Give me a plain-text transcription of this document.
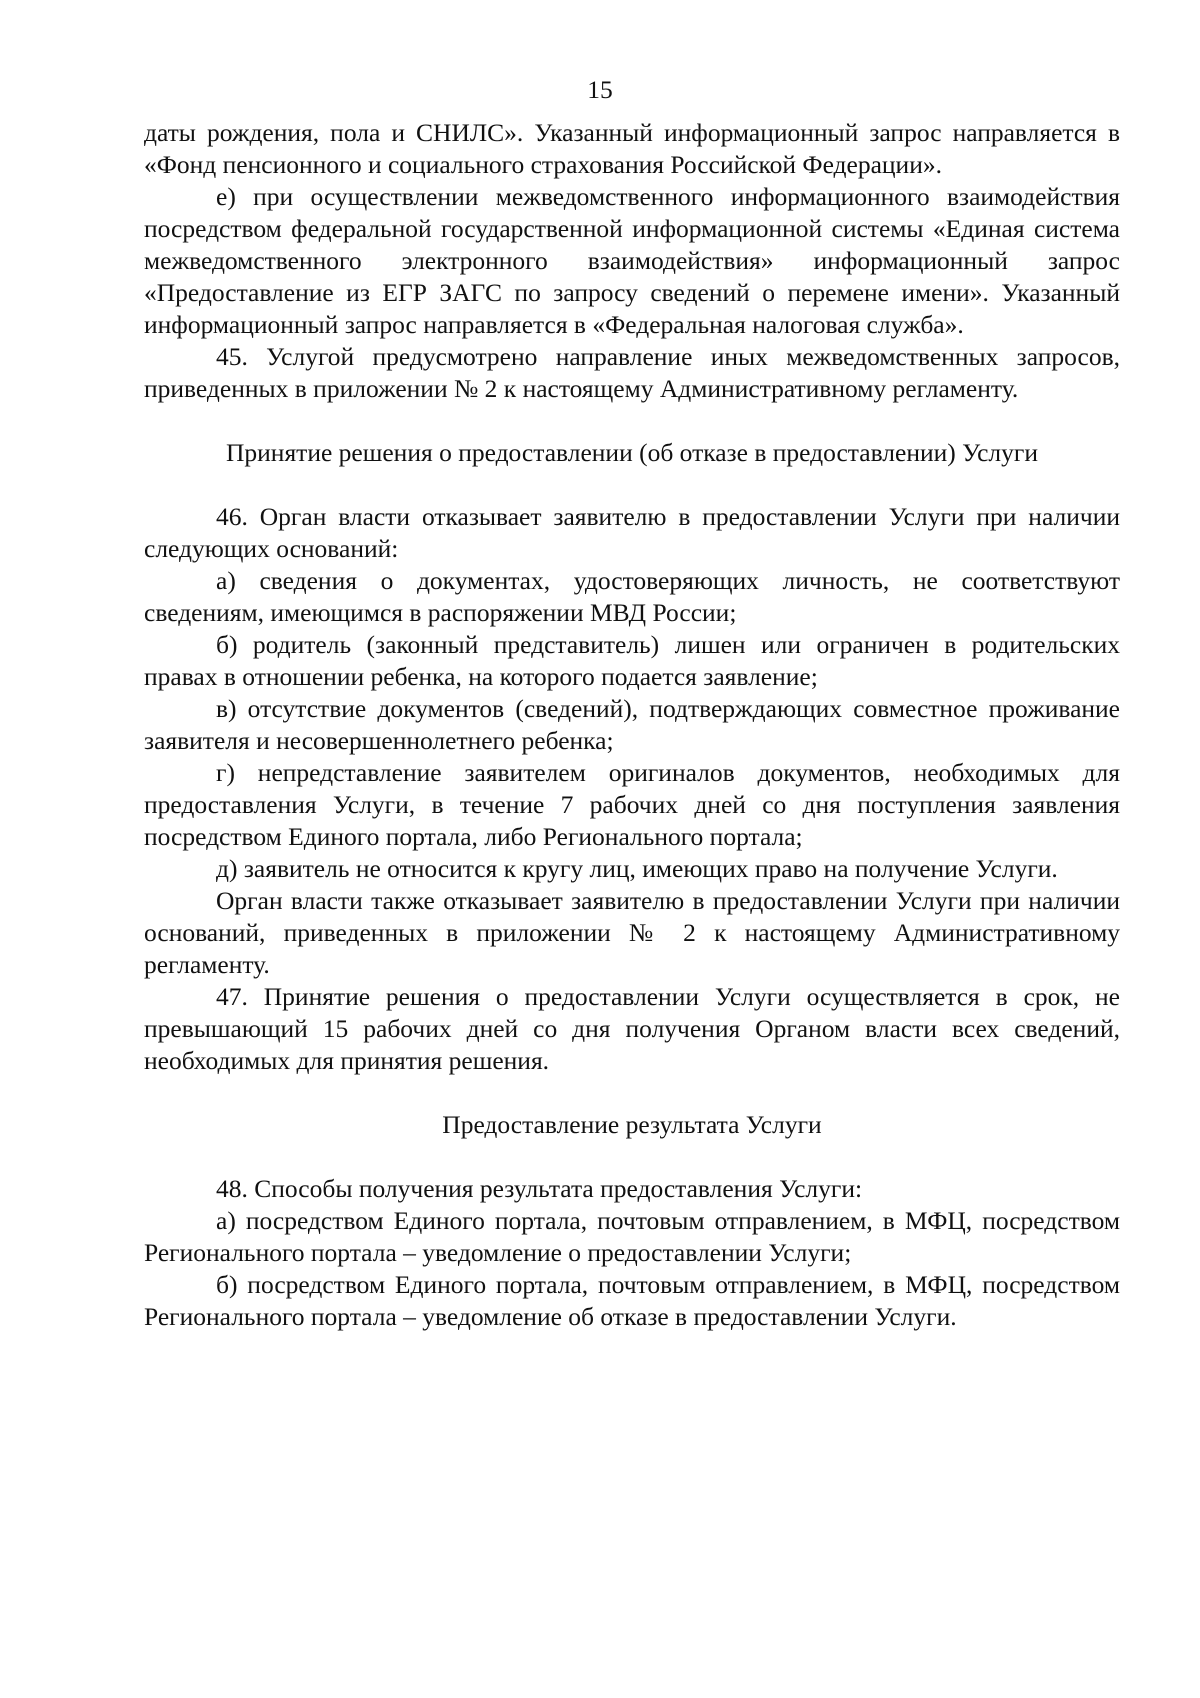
15

даты рождения, пола и СНИЛС». Указанный информационный запрос направляется в «Фонд пенсионного и социального страхования Российской Федерации».

е) при осуществлении межведомственного информационного взаимодействия посредством федеральной государственной информационной системы «Единая система межведомственного электронного взаимодействия» информационный запрос «Предоставление из ЕГР ЗАГС по запросу сведений о перемене имени». Указанный информационный запрос направляется в «Федеральная налоговая служба».

45. Услугой предусмотрено направление иных межведомственных запросов, приведенных в приложении № 2 к настоящему Административному регламенту.

Принятие решения о предоставлении (об отказе в предоставлении) Услуги

46. Орган власти отказывает заявителю в предоставлении Услуги при наличии следующих оснований:

а) сведения о документах, удостоверяющих личность, не соответствуют сведениям, имеющимся в распоряжении МВД России;

б) родитель (законный представитель) лишен или ограничен в родительских правах в отношении ребенка, на которого подается заявление;

в) отсутствие документов (сведений), подтверждающих совместное проживание заявителя и несовершеннолетнего ребенка;

г) непредставление заявителем оригиналов документов, необходимых для предоставления Услуги, в течение 7 рабочих дней со дня поступления заявления посредством Единого портала, либо Регионального портала;

д) заявитель не относится к кругу лиц, имеющих право на получение Услуги.

Орган власти также отказывает заявителю в предоставлении Услуги при наличии оснований, приведенных в приложении № 2 к настоящему Административному регламенту.

47. Принятие решения о предоставлении Услуги осуществляется в срок, не превышающий 15 рабочих дней со дня получения Органом власти всех сведений, необходимых для принятия решения.

Предоставление результата Услуги

48. Способы получения результата предоставления Услуги:

а) посредством Единого портала, почтовым отправлением, в МФЦ, посредством Регионального портала – уведомление о предоставлении Услуги;

б) посредством Единого портала, почтовым отправлением, в МФЦ, посредством Регионального портала – уведомление об отказе в предоставлении Услуги.
